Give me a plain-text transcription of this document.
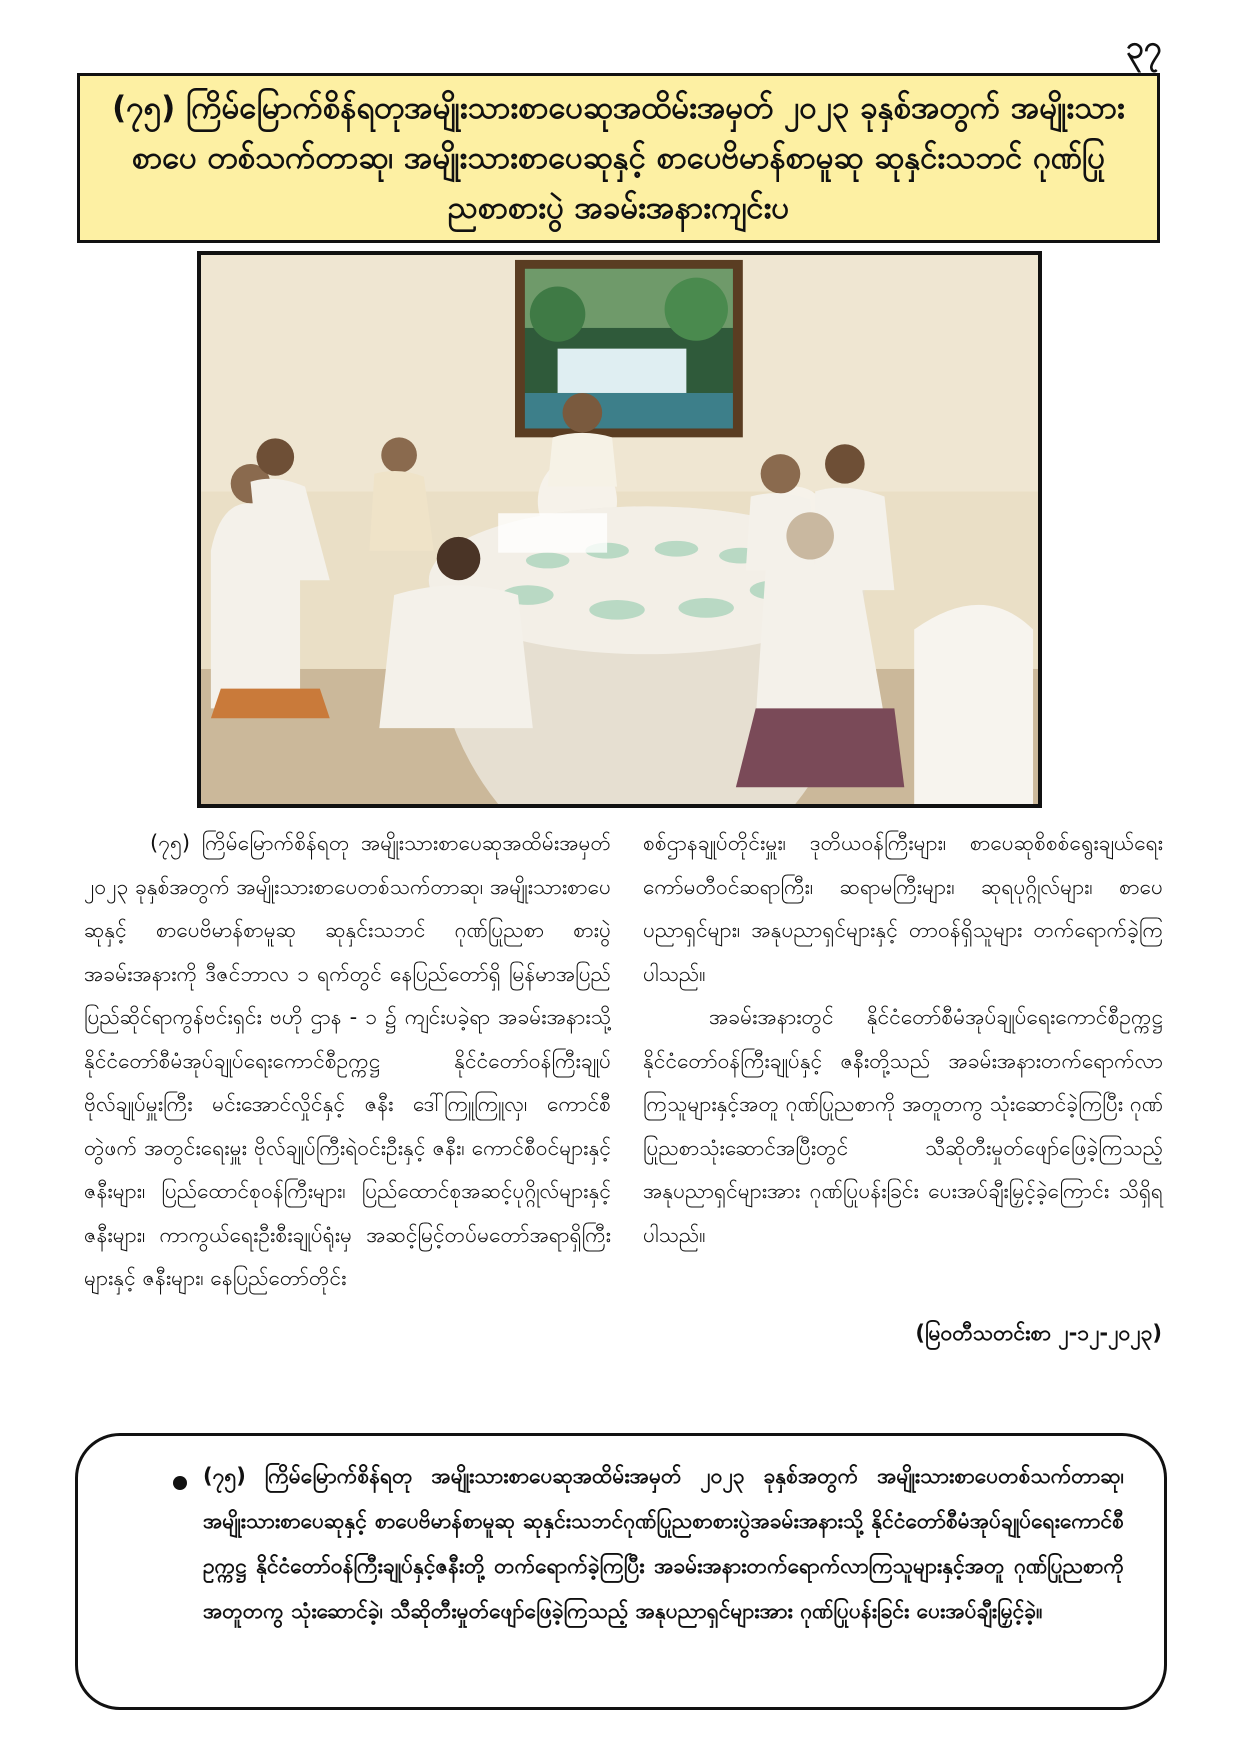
၃၇
(၇၅) ကြိမ်မြောက်စိန်ရတုအမျိုးသားစာပေဆုအထိမ်းအမှတ် ၂၀၂၃ ခုနှစ်အတွက် အမျိုးသားစာပေ တစ်သက်တာဆု၊ အမျိုးသားစာပေဆုနှင့် စာပေဗိမာန်စာမူဆု ဆုနှင်းသဘင် ဂုဏ်ပြုညစာစားပွဲ အခမ်းအနားကျင်းပ

(၇၅) ကြိမ်မြောက်စိန်ရတု အမျိုးသားစာပေဆုအထိမ်းအမှတ် ၂၀၂၃ ခုနှစ်အတွက် အမျိုးသားစာပေတစ်သက်တာဆု၊ အမျိုးသားစာပေဆုနှင့် စာပေဗိမာန်စာမူဆု ဆုနှင်းသဘင် ဂုဏ်ပြုညစာ စားပွဲအခမ်းအနားကို ဒီဇင်ဘာလ ၁ ရက်တွင် နေပြည်တော်ရှိ မြန်မာအပြည်ပြည်ဆိုင်ရာကွန်ဗင်းရှင်း ဗဟို ဌာန - ၁ ၌ ကျင်းပခဲ့ရာ အခမ်းအနားသို့ နိုင်ငံတော်စီမံအုပ်ချုပ်ရေးကောင်စီဥက္ကဋ္ဌ နိုင်ငံတော်ဝန်ကြီးချုပ် ဗိုလ်ချုပ်မှူးကြီး မင်းအောင်လှိုင်နှင့် ဇနီး ဒေါ်ကြူကြူလှ၊ ကောင်စီတွဲဖက် အတွင်းရေးမှူး ဗိုလ်ချုပ်ကြီးရဲဝင်းဦးနှင့် ဇနီး၊ ကောင်စီဝင်များနှင့်ဇနီးများ၊ ပြည်ထောင်စုဝန်ကြီးများ၊ ပြည်ထောင်စုအဆင့်ပုဂ္ဂိုလ်များနှင့် ဇနီးများ၊ ကာကွယ်ရေးဦးစီးချုပ်ရုံးမှ အဆင့်မြင့်တပ်မတော်အရာရှိကြီးများနှင့် ဇနီးများ၊ နေပြည်တော်တိုင်း

စစ်ဌာနချုပ်တိုင်းမှူး၊ ဒုတိယဝန်ကြီးများ၊ စာပေဆုစိစစ်ရွေးချယ်ရေး ကော်မတီဝင်ဆရာကြီး၊ ဆရာမကြီးများ၊ ဆုရပုဂ္ဂိုလ်များ၊ စာပေပညာရှင်များ၊ အနုပညာရှင်များနှင့် တာဝန်ရှိသူများ တက်ရောက်ခဲ့ကြပါသည်။

အခမ်းအနားတွင် နိုင်ငံတော်စီမံအုပ်ချုပ်ရေးကောင်စီဥက္ကဋ္ဌ နိုင်ငံတော်ဝန်ကြီးချုပ်နှင့် ဇနီးတို့သည် အခမ်းအနားတက်ရောက်လာကြသူများနှင့်အတူ ဂုဏ်ပြုညစာကို အတူတကွ သုံးဆောင်ခဲ့ကြပြီး ဂုဏ်ပြုညစာသုံးဆောင်အပြီးတွင် သီဆိုတီးမှုတ်ဖျော်ဖြေခဲ့ကြသည့် အနုပညာရှင်များအား ဂုဏ်ပြုပန်းခြင်း ပေးအပ်ချီးမြှင့်ခဲ့ကြောင်း သိရှိရပါသည်။

(မြဝတီသတင်းစာ ၂-၁၂-၂၀၂၃)
(၇၅) ကြိမ်မြောက်စိန်ရတု အမျိုးသားစာပေဆုအထိမ်းအမှတ် ၂၀၂၃ ခုနှစ်အတွက် အမျိုးသားစာပေတစ်သက်တာဆု၊ အမျိုးသားစာပေဆုနှင့် စာပေဗိမာန်စာမူဆု ဆုနှင်းသဘင်ဂုဏ်ပြုညစာစားပွဲအခမ်းအနားသို့ နိုင်ငံတော်စီမံအုပ်ချုပ်ရေးကောင်စီဥက္ကဋ္ဌ နိုင်ငံတော်ဝန်ကြီးချုပ်နှင့်ဇနီးတို့ တက်ရောက်ခဲ့ကြပြီး အခမ်းအနားတက်ရောက်လာကြသူများနှင့်အတူ ဂုဏ်ပြုညစာကို အတူတကွ သုံးဆောင်ခဲ့၊ သီဆိုတီးမှုတ်ဖျော်ဖြေခဲ့ကြသည့် အနုပညာရှင်များအား ဂုဏ်ပြုပန်းခြင်း ပေးအပ်ချီးမြှင့်ခဲ့။
